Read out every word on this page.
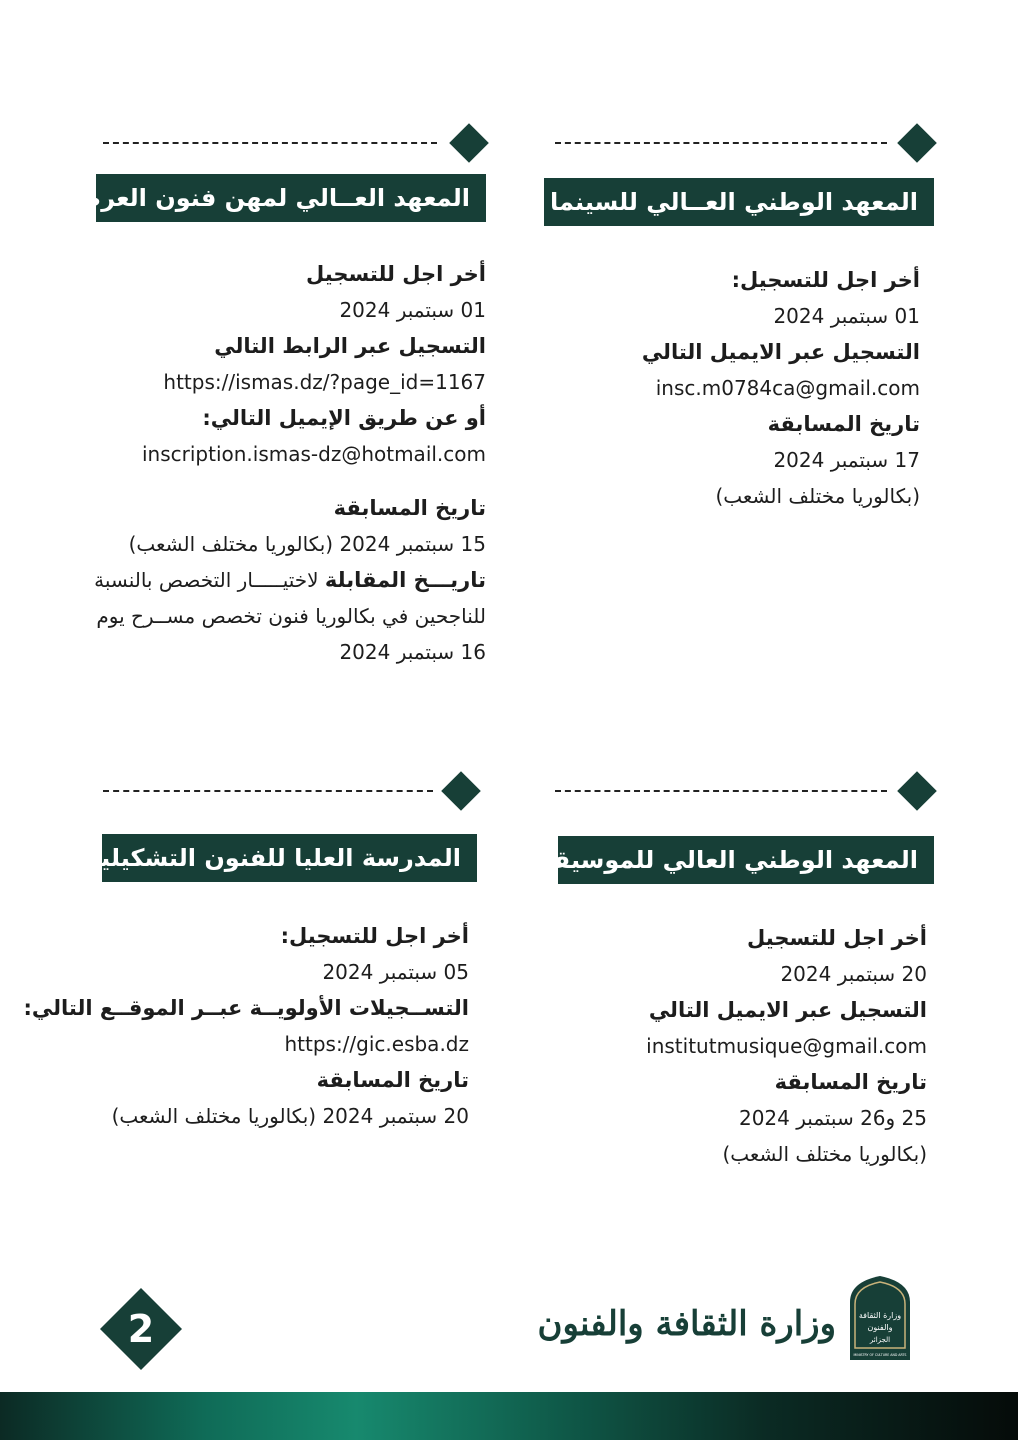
المعهد الوطني العــالي للسينما
المعهد العــالي لمهن فنون العرض
المعهد الوطني العالي للموسيقى
المدرسة العليا للفنون التشكيلية

أخر اجل للتسجيل:

01 سبتمبر 2024

التسجيل عبر الايميل التالي

insc.m0784ca@gmail.com

تاريخ المسابقة

17 سبتمبر 2024

(بكالوريا مختلف الشعب)

أخر اجل للتسجيل

01 سبتمبر 2024

التسجيل عبر الرابط التالي

https://ismas.dz/?page_id=1167

أو عن طريق الإيميل التالي:

inscription.ismas-dz@hotmail.com

تاريخ المسابقة

15 سبتمبر 2024 (بكالوريا مختلف الشعب)

تاريـــخ المقابلة لاختيـــــار التخصص بالنسبة

للناجحين في بكالوريا فنون تخصص مســرح يوم

16 سبتمبر 2024

أخر اجل للتسجيل

20 سبتمبر 2024

التسجيل عبر الايميل التالي

institutmusique@gmail.com

تاريخ المسابقة

25 و26 سبتمبر 2024

(بكالوريا مختلف الشعب)

أخر اجل للتسجيل:

05 سبتمبر 2024

التســجيلات الأولويــة عبــر الموقــع التالي:

https://gic.esba.dz

تاريخ المسابقة

20 سبتمبر 2024 (بكالوريا مختلف الشعب)

2	وزارة الثقافة والفنون	وزارة الثقافة
والفنون
الجزائر
MINISTRY OF CULTURE AND ARTS
